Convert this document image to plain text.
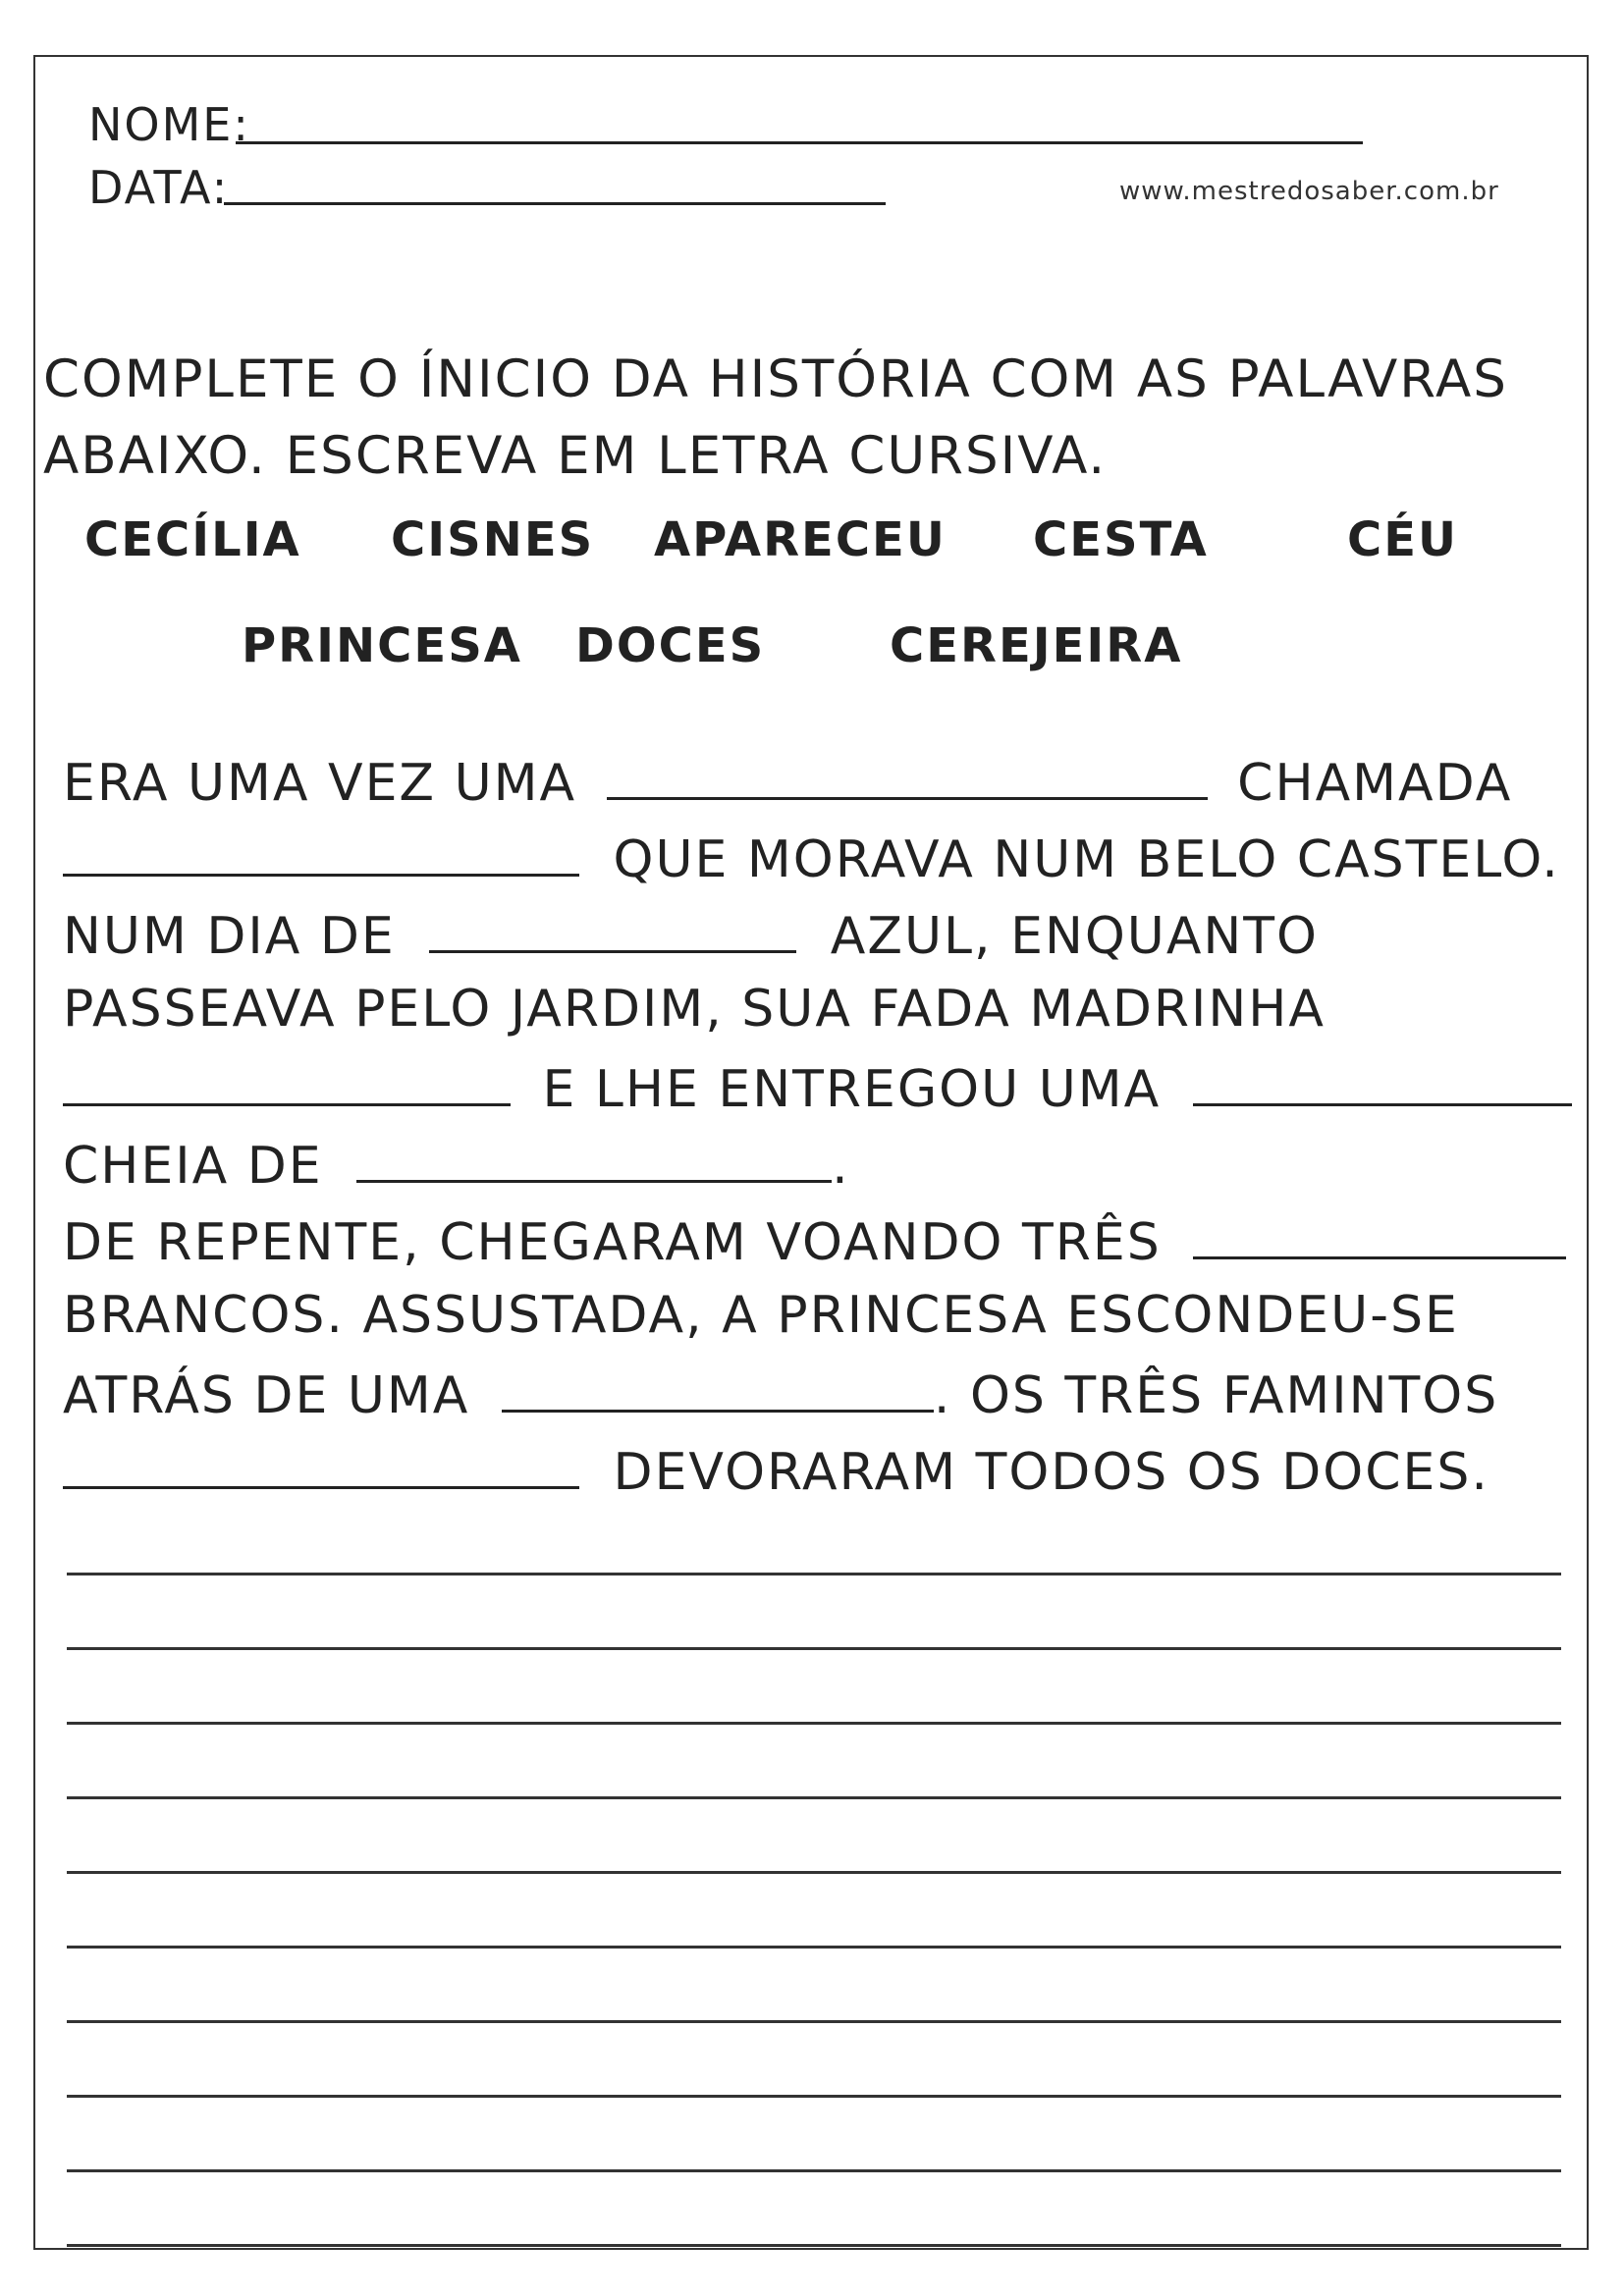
NOME:
DATA:	www.mestredosaber.com.br
COMPLETE O ÍNICIO DA HISTÓRIA COM AS PALAVRAS
ABAIXO. ESCREVA EM LETRA CURSIVA.
CECÍLIA CISNES APARECEU CESTA	CÉU
PRINCESA DOCES	CEREJEIRA
ERA UMA VEZ UMA	CHAMADA
QUE MORAVA NUM BELO CASTELO.
NUM DIA DE	AZUL, ENQUANTO
PASSEAVA PELO JARDIM, SUA FADA MADRINHA
E LHE ENTREGOU UMA
CHEIA DE	.
DE REPENTE, CHEGARAM VOANDO TRÊS
BRANCOS. ASSUSTADA, A PRINCESA ESCONDEU-SE
ATRÁS DE UMA	. OS TRÊS FAMINTOS
DEVORARAM TODOS OS DOCES.
